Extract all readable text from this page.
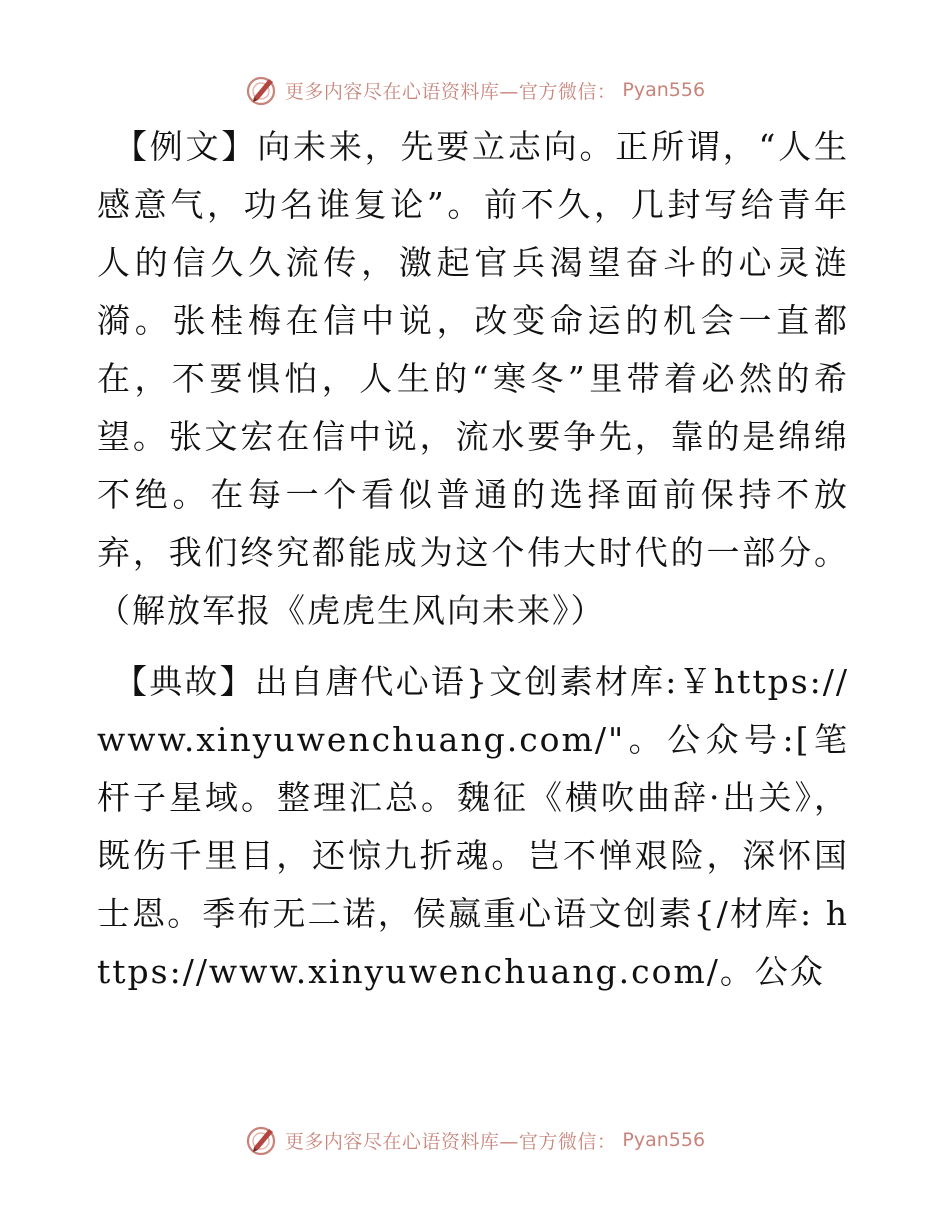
更多内容尽在心语资料库—官方微信： Pyan556

【例文】向未来，先要立志向。正所谓，“人生感意气，功名谁复论”。前不久，几封写给青年人的信久久流传，激起官兵渴望奋斗的心灵涟漪。张桂梅在信中说，改变命运的机会一直都在，不要惧怕，人生的“寒冬”里带着必然的希望。张文宏在信中说，流水要争先，靠的是绵绵不绝。在每一个看似普通的选择面前保持不放弃，我们终究都能成为这个伟大时代的一部分。（解放军报《虎虎生风向未来》）

【典故】出自唐代心语}文创素材库:￥https://www.xinyuwenchuang.com/"。公众号:[笔杆子星域。整理汇总。魏征《横吹曲辞·出关》，既伤千里目，还惊九折魂。岂不惮艰险，深怀国士恩。季布无二诺，侯嬴重心语文创素{/材库: https://www.xinyuwenchuang.com/。公众

更多内容尽在心语资料库—官方微信： Pyan556
